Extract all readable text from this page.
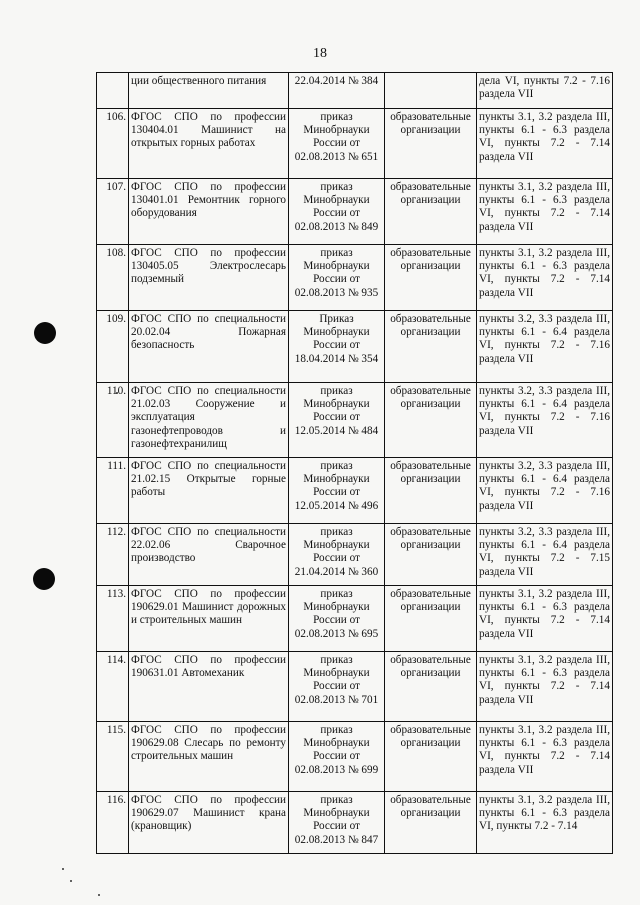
18
	ции общественного питания	22.04.2014 № 384		дела VI, пункты 7.2 - 7.16 раздела VII
106.	ФГОС СПО по профессии 130404.01 Машинист на открытых горных работах	приказ Минобрнауки России от 02.08.2013 № 651	образовательные организации	пункты 3.1, 3.2 раздела III, пункты 6.1 - 6.3 раздела VI, пункты 7.2 - 7.14 раздела VII
107.	ФГОС СПО по профессии 130401.01 Ремонтник горного оборудования	приказ Минобрнауки России от 02.08.2013 № 849	образовательные организации	пункты 3.1, 3.2 раздела III, пункты 6.1 - 6.3 раздела VI, пункты 7.2 - 7.14 раздела VII
108.	ФГОС СПО по профессии 130405.05 Электрослесарь подземный	приказ Минобрнауки России от 02.08.2013 № 935	образовательные организации	пункты 3.1, 3.2 раздела III, пункты 6.1 - 6.3 раздела VI, пункты 7.2 - 7.14 раздела VII
109.	ФГОС СПО по специальности 20.02.04 Пожарная безопасность	Приказ Минобрнауки России от 18.04.2014 № 354	образовательные организации	пункты 3.2, 3.3 раздела III, пункты 6.1 - 6.4 раздела VI, пункты 7.2 - 7.16 раздела VII
110.	ФГОС СПО по специальности 21.02.03 Сооружение и эксплуатация газонефтепроводов и газонефтехранилищ	приказ Минобрнауки России от 12.05.2014 № 484	образовательные организации	пункты 3.2, 3.3 раздела III, пункты 6.1 - 6.4 раздела VI, пункты 7.2 - 7.16 раздела VII
111.	ФГОС СПО по специальности 21.02.15 Открытые горные работы	приказ Минобрнауки России от 12.05.2014 № 496	образовательные организации	пункты 3.2, 3.3 раздела III, пункты 6.1 - 6.4 раздела VI, пункты 7.2 - 7.16 раздела VII
112.	ФГОС СПО по специальности 22.02.06 Сварочное производство	приказ Минобрнауки России от 21.04.2014 № 360	образовательные организации	пункты 3.2, 3.3 раздела III, пункты 6.1 - 6.4 раздела VI, пункты 7.2 - 7.15 раздела VII
113.	ФГОС СПО по профессии 190629.01 Машинист дорожных и строительных машин	приказ Минобрнауки России от 02.08.2013 № 695	образовательные организации	пункты 3.1, 3.2 раздела III, пункты 6.1 - 6.3 раздела VI, пункты 7.2 - 7.14 раздела VII
114.	ФГОС СПО по профессии 190631.01 Автомеханик	приказ Минобрнауки России от 02.08.2013 № 701	образовательные организации	пункты 3.1, 3.2 раздела III, пункты 6.1 - 6.3 раздела VI, пункты 7.2 - 7.14 раздела VII
115.	ФГОС СПО по профессии 190629.08 Слесарь по ремонту строительных машин	приказ Минобрнауки России от 02.08.2013 № 699	образовательные организации	пункты 3.1, 3.2 раздела III, пункты 6.1 - 6.3 раздела VI, пункты 7.2 - 7.14 раздела VII
116.	ФГОС СПО по профессии 190629.07 Машинист крана (крановщик)	приказ Минобрнауки России от 02.08.2013 № 847	образовательные организации	пункты 3.1, 3.2 раздела III, пункты 6.1 - 6.3 раздела VI, пункты 7.2 - 7.14
